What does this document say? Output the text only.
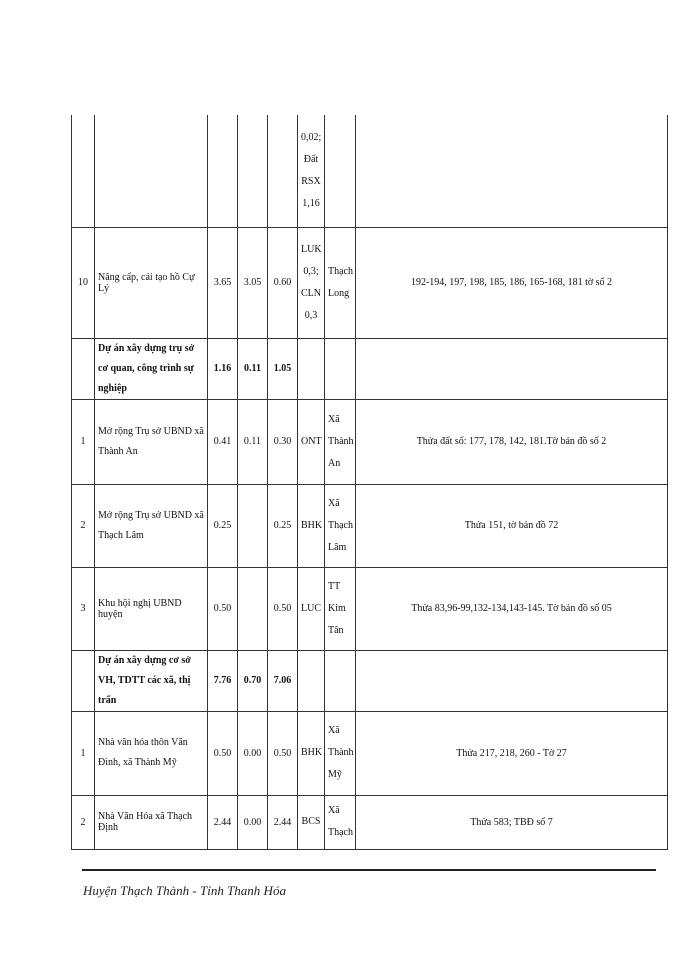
					0,02; Đất RSX 1,16		
10	Nâng cấp, cải tạo hồ Cự Lý	3.65	3.05	0.60	LUK 0,3; CLN 0,3	Thạch Long	192-194, 197, 198, 185, 186, 165-168, 181 tờ số 2

	Dự án xây dựng trụ sở cơ quan, công trình sự nghiệp	1.16	0.11	1.05			
1	Mở rộng Trụ sở UBND xã Thành An	0.41	0.11	0.30	ONT	Xã Thành An	Thửa đất số: 177, 178, 142, 181.Tờ bản đồ số 2

2	Mở rộng Trụ sở UBND xã Thạch Lâm	0.25		0.25	BHK	Xã Thạch Lâm	Thửa 151, tờ bản đồ 72
3	Khu hội nghị UBND huyện	0.50		0.50	LUC	TT Kim Tân	Thửa 83,96-99,132-134,143-145. Tờ bản đồ số 05

	Dự án xây dựng cơ sở VH, TDTT các xã, thị trấn	7.76	0.70	7.06			
1	Nhà văn hóa thôn Văn Đình, xã Thành Mỹ	0.50	0.00	0.50	BHK	Xã Thành Mỹ	Thửa 217, 218, 260 - Tờ 27
2	Nhà Văn Hóa xã Thạch Định	2.44	0.00	2.44	BCS	Xã Thạch	Thửa 583; TBĐ số 7
Huyện Thạch Thành - Tỉnh Thanh Hóa
